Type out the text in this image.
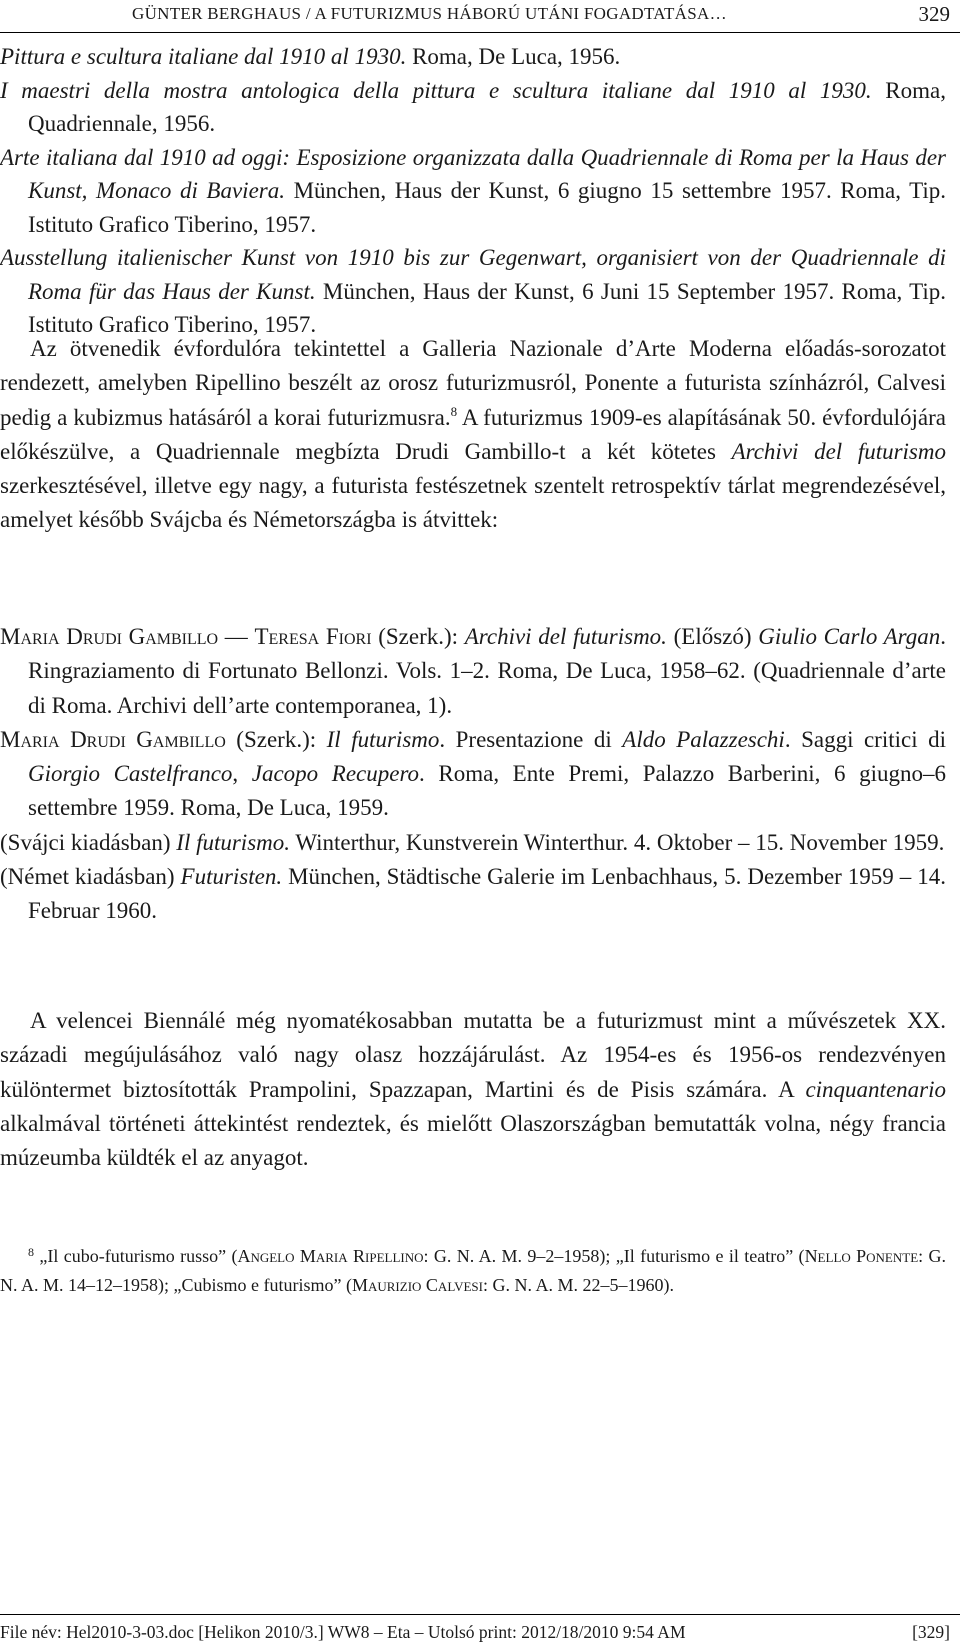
GÜNTER BERGHAUS / A FUTURIZMUS HÁBORÚ UTÁNI FOGADTATÁSA…	329

Pittura e scultura italiane dal 1910 al 1930. Roma, De Luca, 1956.

I maestri della mostra antologica della pittura e scultura italiane dal 1910 al 1930. Roma, Quadriennale, 1956.

Arte italiana dal 1910 ad oggi: Esposizione organizzata dalla Quadriennale di Roma per la Haus der Kunst, Monaco di Baviera. München, Haus der Kunst, 6 giugno 15 settembre 1957. Roma, Tip. Istituto Grafico Tiberino, 1957.

Ausstellung italienischer Kunst von 1910 bis zur Gegenwart, organisiert von der Quadriennale di Roma für das Haus der Kunst. München, Haus der Kunst, 6 Juni 15 September 1957. Roma, Tip. Istituto Grafico Tiberino, 1957.

Az ötvenedik évfordulóra tekintettel a Galleria Nazionale d’Arte Moderna előadás-sorozatot rendezett, amelyben Ripellino beszélt az orosz futurizmusról, Ponente a futurista színházról, Calvesi pedig a kubizmus hatásáról a korai futurizmusra.$^8$ A futurizmus 1909-es alapításának 50. évfordulójára előkészülve, a Quadriennale megbízta Drudi Gambillo-t a két kötetes Archivi del futurismo szerkesztésével, illetve egy nagy, a futurista festészetnek szentelt retrospektív tárlat megrendezésével, amelyet később Svájcba és Németországba is átvittek:

Maria Drudi Gambillo — Teresa Fiori (Szerk.): Archivi del futurismo. (Előszó) Giulio Carlo Argan. Ringraziamento di Fortunato Bellonzi. Vols. 1–2. Roma, De Luca, 1958–62. (Quadriennale d’arte di Roma. Archivi dell’arte contemporanea, 1).

Maria Drudi Gambillo (Szerk.): Il futurismo. Presentazione di Aldo Palazzeschi. Saggi critici di Giorgio Castelfranco, Jacopo Recupero. Roma, Ente Premi, Palazzo Barberini, 6 giugno–6 settembre 1959. Roma, De Luca, 1959.

(Svájci kiadásban) Il futurismo. Winterthur, Kunstverein Winterthur. 4. Oktober – 15. November 1959.

(Német kiadásban) Futuristen. München, Städtische Galerie im Lenbachhaus, 5. Dezember 1959 – 14. Februar 1960.

A velencei Biennálé még nyomatékosabban mutatta be a futurizmust mint a művészetek XX. századi megújulásához való nagy olasz hozzájárulást. Az 1954-es és 1956-os rendezvényen különtermet biztosították Prampolini, Spazzapan, Martini és de Pisis számára. A cinquantenario alkalmával történeti áttekintést rendeztek, és mielőtt Olaszországban bemutatták volna, négy francia múzeumba küldték el az anyagot.

$^8$ „Il cubo-futurismo russo” (Angelo Maria Ripellino: G. N. A. M. 9–2–1958); „Il futurismo e il teatro” (Nello Ponente: G. N. A. M. 14–12–1958); „Cubismo e futurismo” (Maurizio Calvesi: G. N. A. M. 22–5–1960).

File név: Hel2010-3-03.doc [Helikon 2010/3.] WW8 – Eta – Utolsó print: 2012/18/2010 9:54 AM	[329]
